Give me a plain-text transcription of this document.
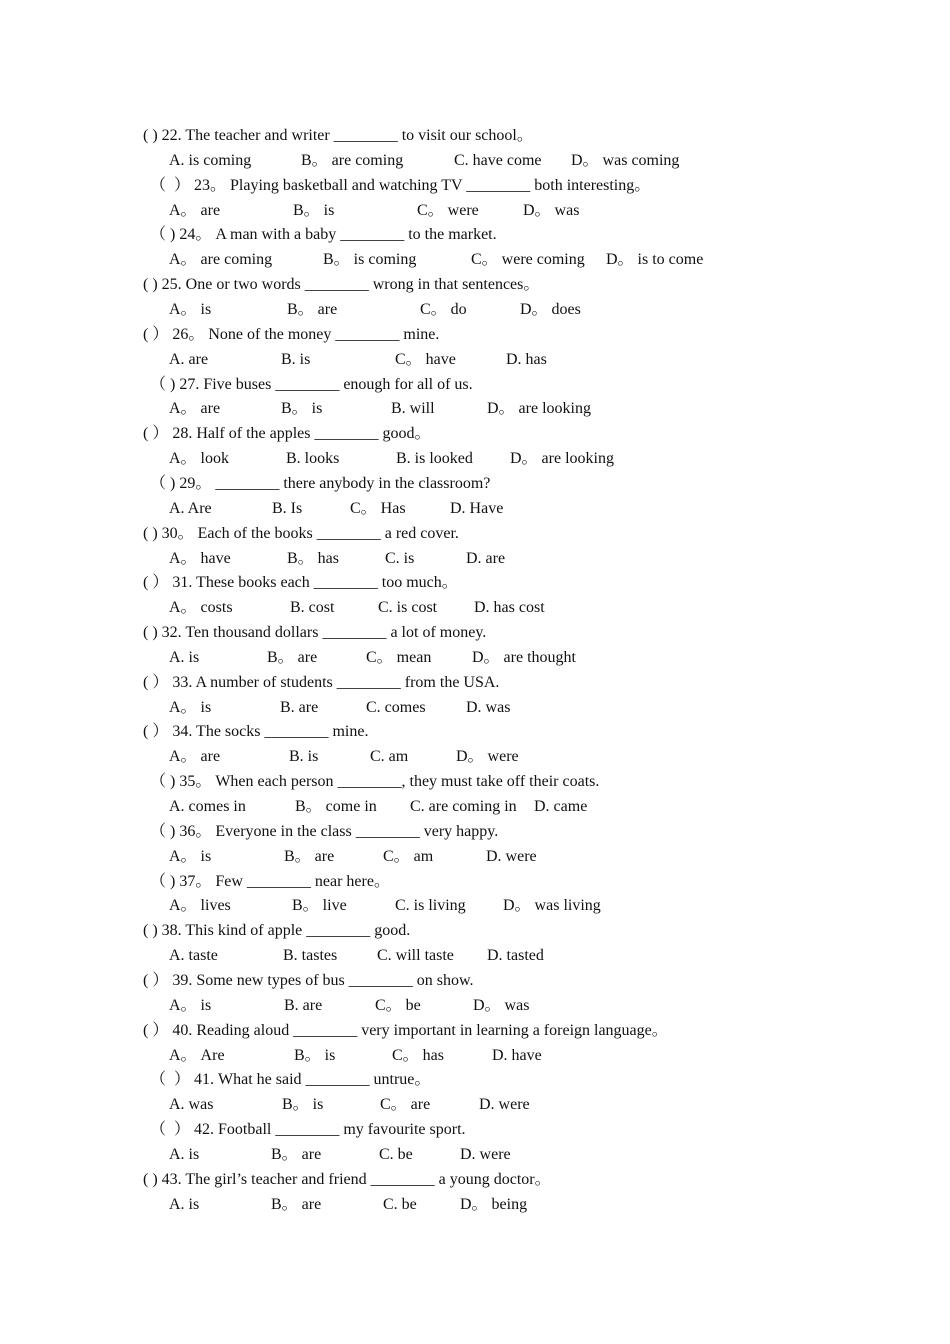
( ) 22. The teacher and writer ________ to visit our school。
A. is coming	B。 are coming	C. have come D。 was coming
（  ） 23。 Playing basketball and watching TV ________ both interesting。
A。 are	B。 is	C。 were	D。 was
（ ) 24。 A man with a baby ________ to the market.
A。 are coming	B。 is coming	C。 were coming D。 is to come
( ) 25. One or two words ________ wrong in that sentences。
A。 is	B。 are	C。 do	D。 does
( ） 26。 None of the money ________ mine.
A. are	B. is	C。 have	D. has
（ ) 27. Five buses ________ enough for all of us.
A。 are	B。 is	B. will	D。 are looking
( ） 28. Half of the apples ________ good。
A。 look	B. looks	B. is looked D。 are looking
（ ) 29。 ________ there anybody in the classroom?
A. Are	B. Is	C。 Has	D. Have
( ) 30。 Each of the books ________ a red cover.
A。 have	B。 has	C. is	D. are
( ） 31. These books each ________ too much。
A。 costs	B. cost	C. is cost D. has cost
( ) 32. Ten thousand dollars ________ a lot of money.
A. is	B。 are	C。 mean	D。 are thought
( ） 33. A number of students ________ from the USA.
A。 is	B. are	C. comes	D. was
( ） 34. The socks ________ mine.
A。 are	B. is	C. am	D。 were
（ ) 35。 When each person ________, they must take off their coats.
A. comes in	B。 come in C. are coming in D. came
（ ) 36。 Everyone in the class ________ very happy.
A。 is	B。 are	C。 am	D. were
（ ) 37。 Few ________ near here。
A。 lives	B。 live	C. is living D。 was living
( ) 38. This kind of apple ________ good.
A. taste	B. tastes C. will taste D. tasted
( ） 39. Some new types of bus ________ on show.
A。 is	B. are	C。 be	D。 was
( ） 40. Reading aloud ________ very important in learning a foreign language。
A。 Are	B。 is	C。 has	D. have
（  ） 41. What he said ________ untrue。
A. was	B。 is	C。 are	D. were
（  ） 42. Football ________ my favourite sport.
A. is	B。 are	C. be	D. were
( ) 43. The girl’s teacher and friend ________ a young doctor。
A. is	B。 are	C. be	D。 being
